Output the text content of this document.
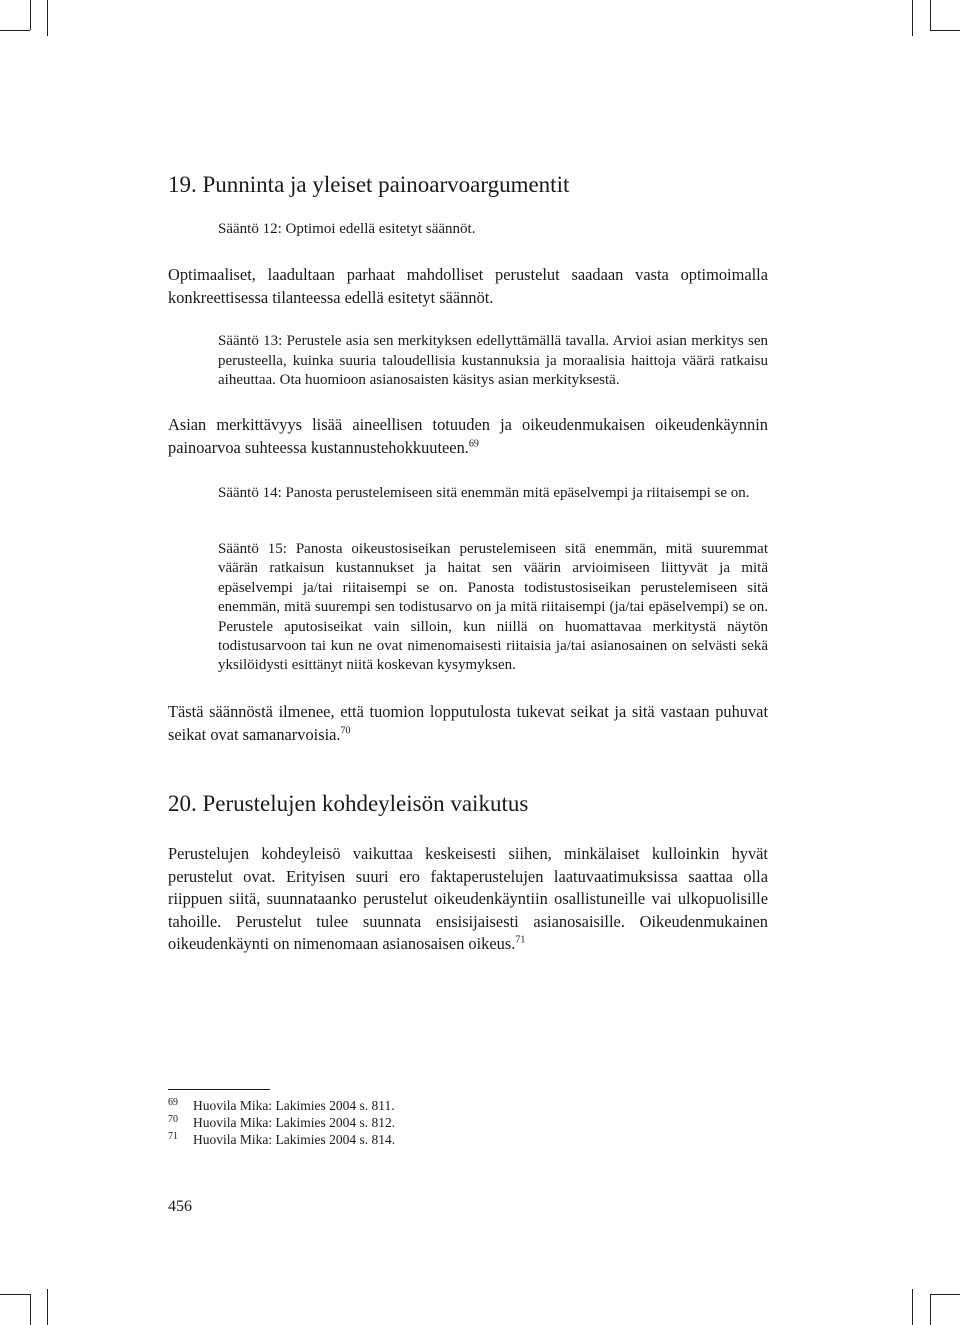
19. Punninta ja yleiset painoarvoargumentit

Sääntö 12: Optimoi edellä esitetyt säännöt.

Optimaaliset, laadultaan parhaat mahdolliset perustelut saadaan vasta optimoimalla konkreettisessa tilanteessa edellä esitetyt säännöt.

Sääntö 13: Perustele asia sen merkityksen edellyttämällä tavalla. Arvioi asian merkitys sen perusteella, kuinka suuria taloudellisia kustannuksia ja moraalisia haittoja väärä ratkaisu aiheuttaa. Ota huomioon asianosaisten käsitys asian merkityksestä.

Asian merkittävyys lisää aineellisen totuuden ja oikeudenmukaisen oikeudenkäynnin painoarvoa suhteessa kustannustehokkuuteen.$^{69}$

Sääntö 14: Panosta perustelemiseen sitä enemmän mitä epäselvempi ja riitaisempi se on.

Sääntö 15: Panosta oikeustosiseikan perustelemiseen sitä enemmän, mitä suuremmat väärän ratkaisun kustannukset ja haitat sen väärin arvioimiseen liittyvät ja mitä epäselvempi ja/tai riitaisempi se on. Panosta todistustosiseikan perustelemiseen sitä enemmän, mitä suurempi sen todistusarvo on ja mitä riitaisempi (ja/tai epäselvempi) se on. Perustele aputosiseikat vain silloin, kun niillä on huomattavaa merkitystä näytön todistusarvoon tai kun ne ovat nimenomaisesti riitaisia ja/tai asianosainen on selvästi sekä yksilöidysti esittänyt niitä koskevan kysymyksen.

Tästä säännöstä ilmenee, että tuomion lopputulosta tukevat seikat ja sitä vastaan puhuvat seikat ovat samanarvoisia.$^{70}$

20. Perustelujen kohdeyleisön vaikutus

Perustelujen kohdeyleisö vaikuttaa keskeisesti siihen, minkälaiset kulloinkin hyvät perustelut ovat. Erityisen suuri ero faktaperustelujen laatuvaatimuksissa saattaa olla riippuen siitä, suunnataanko perustelut oikeudenkäyntiin osallistuneille vai ulkopuolisille tahoille. Perustelut tulee suunnata ensisijaisesti asianosaisille. Oikeudenmukainen oikeudenkäynti on nimenomaan asianosaisen oikeus.$^{71}$

69 Huovila Mika: Lakimies 2004 s. 811.
70 Huovila Mika: Lakimies 2004 s. 812.
71 Huovila Mika: Lakimies 2004 s. 814.
456
